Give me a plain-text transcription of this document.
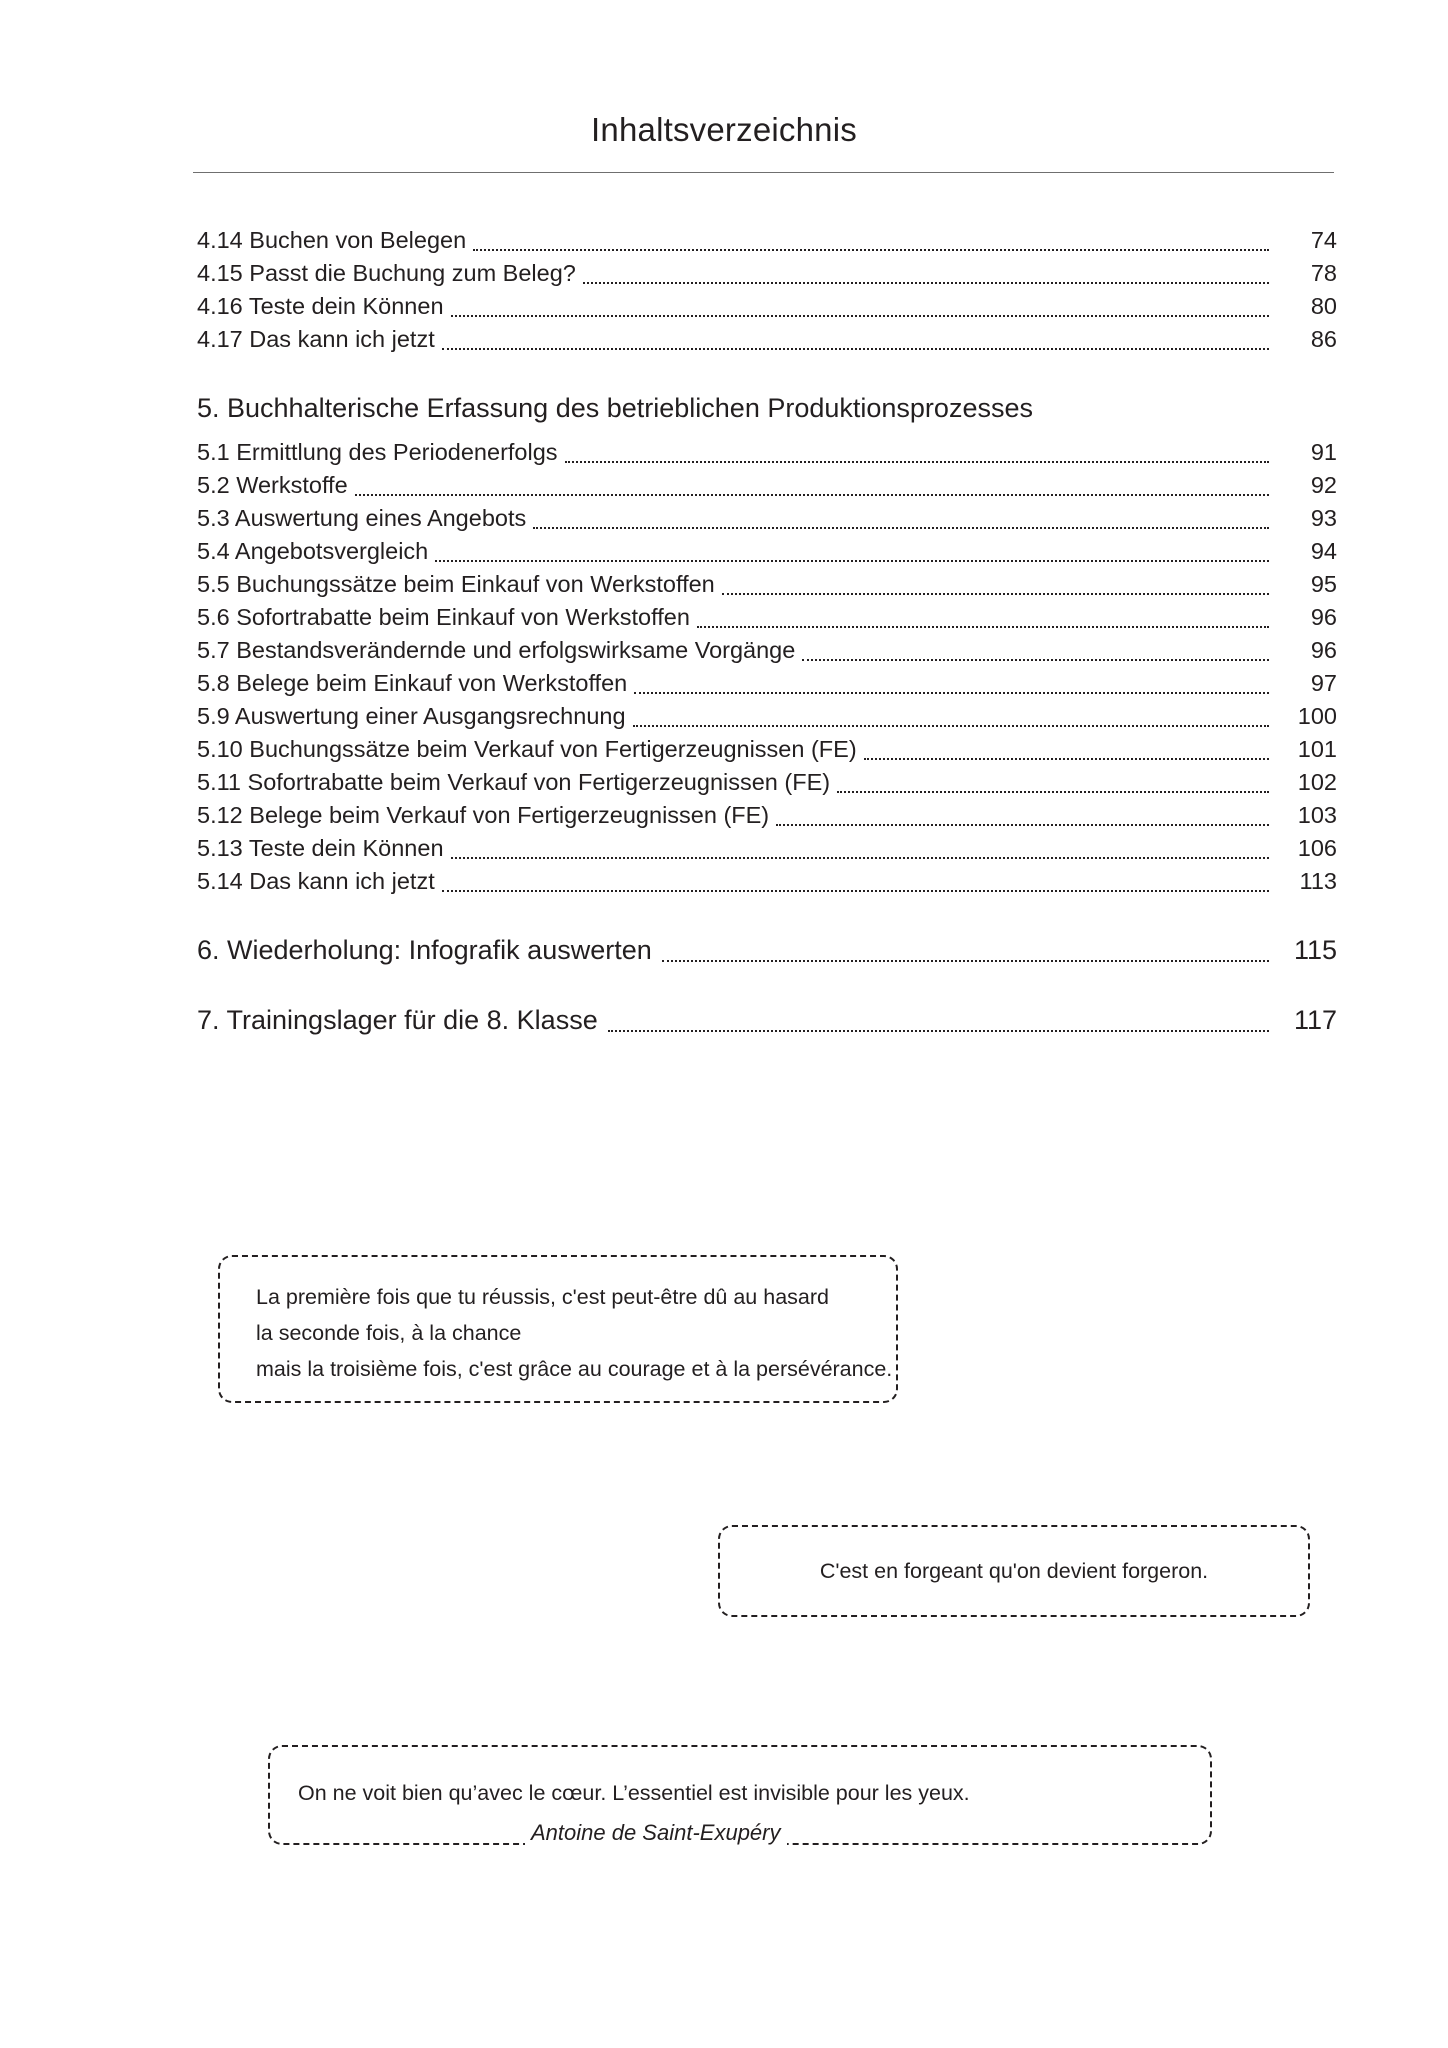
Inhaltsverzeichnis
4.14 Buchen von Belegen	74
4.15 Passt die Buchung zum Beleg?	78
4.16 Teste dein Können	80
4.17 Das kann ich jetzt	86
5. Buchhalterische Erfassung des betrieblichen Produktionsprozesses
5.1 Ermittlung des Periodenerfolgs	91
5.2 Werkstoffe	92
5.3 Auswertung eines Angebots	93
5.4 Angebotsvergleich	94
5.5 Buchungssätze beim Einkauf von Werkstoffen	95
5.6 Sofortrabatte beim Einkauf von Werkstoffen	96
5.7 Bestandsverändernde und erfolgswirksame Vorgänge	96
5.8 Belege beim Einkauf von Werkstoffen	97
5.9 Auswertung einer Ausgangsrechnung	100
5.10 Buchungssätze beim Verkauf von Fertigerzeugnissen (FE)	101
5.11 Sofortrabatte beim Verkauf von Fertigerzeugnissen (FE)	102
5.12 Belege beim Verkauf von Fertigerzeugnissen (FE)	103
5.13 Teste dein Können	106
5.14 Das kann ich jetzt	113
6. Wiederholung: Infografik auswerten	115
7. Trainingslager für die 8. Klasse	117
La première fois que tu réussis, c'est peut-être dû au hasard
la seconde fois, à la chance
mais la troisième fois, c'est grâce au courage et à la persévérance.
C'est en forgeant qu'on devient forgeron.
On ne voit bien qu’avec le cœur. L’essentiel est invisible pour les yeux.
Antoine de Saint-Exupéry
